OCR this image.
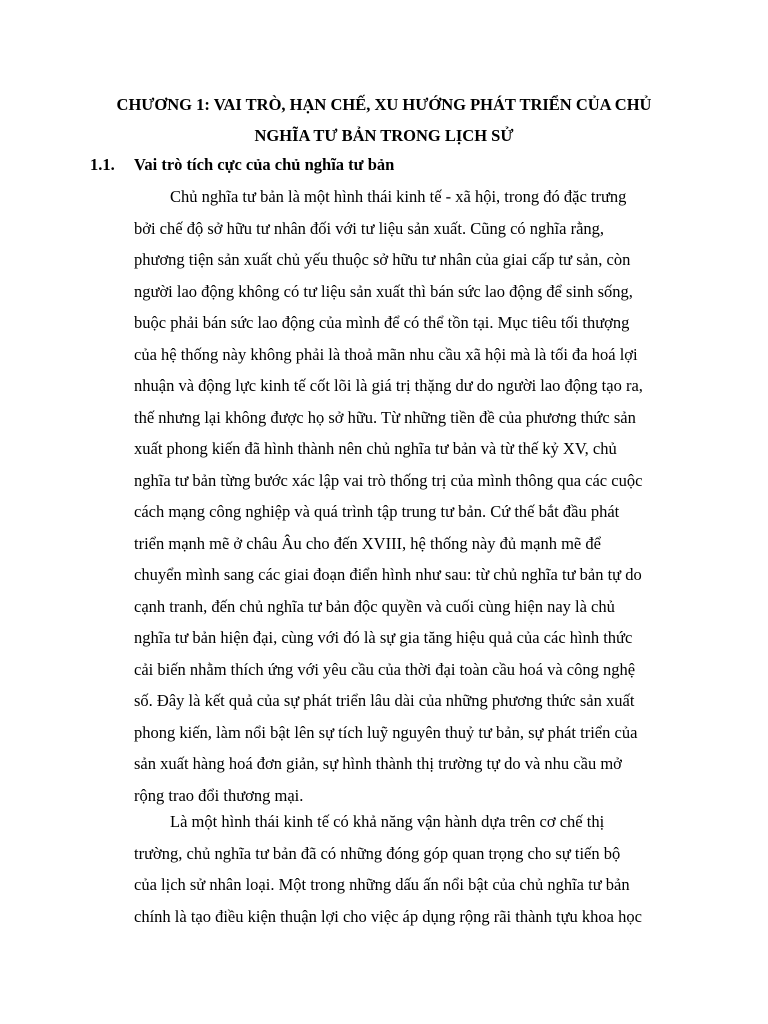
CHƯƠNG 1: VAI TRÒ, HẠN CHẾ, XU HƯỚNG PHÁT TRIỂN CỦA CHỦ
NGHĨA TƯ BẢN TRONG LỊCH SỬ
1.1. Vai trò tích cực của chủ nghĩa tư bản

Chủ nghĩa tư bản là một hình thái kinh tế - xã hội, trong đó đặc trưng
bởi chế độ sở hữu tư nhân đối với tư liệu sản xuất. Cũng có nghĩa rằng,
phương tiện sản xuất chủ yếu thuộc sở hữu tư nhân của giai cấp tư sản, còn
người lao động không có tư liệu sản xuất thì bán sức lao động để sinh sống,
buộc phải bán sức lao động của mình để có thể tồn tại. Mục tiêu tối thượng
của hệ thống này không phải là thoả mãn nhu cầu xã hội mà là tối đa hoá lợi
nhuận và động lực kinh tế cốt lõi là giá trị thặng dư do người lao động tạo ra,
thế nhưng lại không được họ sở hữu. Từ những tiền đề của phương thức sản
xuất phong kiến đã hình thành nên chủ nghĩa tư bản và từ thế kỷ XV, chủ
nghĩa tư bản từng bước xác lập vai trò thống trị của mình thông qua các cuộc
cách mạng công nghiệp và quá trình tập trung tư bản. Cứ thế bắt đầu phát
triển mạnh mẽ ở châu Âu cho đến XVIII, hệ thống này đủ mạnh mẽ để
chuyển mình sang các giai đoạn điển hình như sau: từ chủ nghĩa tư bản tự do
cạnh tranh, đến chủ nghĩa tư bản độc quyền và cuối cùng hiện nay là chủ
nghĩa tư bản hiện đại, cùng với đó là sự gia tăng hiệu quả của các hình thức
cải biến nhằm thích ứng với yêu cầu của thời đại toàn cầu hoá và công nghệ
số. Đây là kết quả của sự phát triển lâu dài của những phương thức sản xuất
phong kiến, làm nổi bật lên sự tích luỹ nguyên thuỷ tư bản, sự phát triển của
sản xuất hàng hoá đơn giản, sự hình thành thị trường tự do và nhu cầu mở
rộng trao đổi thương mại.

Là một hình thái kinh tế có khả năng vận hành dựa trên cơ chế thị
trường, chủ nghĩa tư bản đã có những đóng góp quan trọng cho sự tiến bộ
của lịch sử nhân loại. Một trong những dấu ấn nổi bật của chủ nghĩa tư bản
chính là tạo điều kiện thuận lợi cho việc áp dụng rộng rãi thành tựu khoa học
